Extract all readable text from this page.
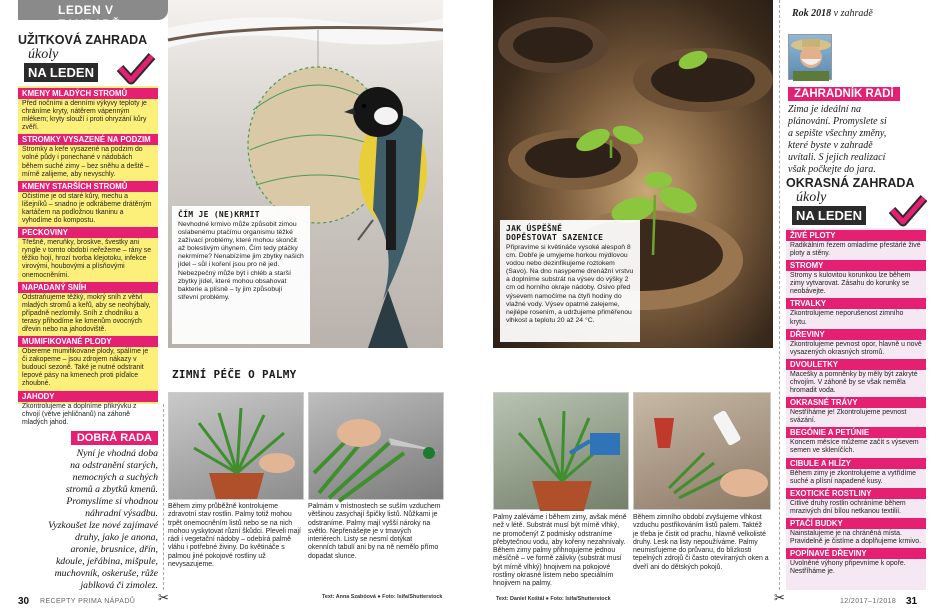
LEDEN V ZAHRADĚ
UŽITKOVÁ ZAHRADA
úkoly
NA LEDEN
KMENY MLADÝCH STROMŮ
Před nočními a denními výkyvy teploty je chráníme kryty, nátěrem vápenným mlékem; kryty slouží i proti ohryzání kůry zvěří.
STROMKY VYSAZENÉ NA PODZIM
Stromky a keře vysazené na podzim do volné půdy i ponechané v nádobách během suché zimy – bez sněhu a deště – mírně zalijeme, aby nevyschly.
KMENY STARŠÍCH STROMŮ
Očistíme je od staré kůry, mechu a lišejníků – snadno je odkrábeme drátěným kartáčem na podložnou tkaninu a vyhodíme do kompostu.
PECKOVINY
Třešně, meruňky, broskve, švestky ani ryngle v tomto období neřežeme – rány se těžko hojí, hrozí tvorba klejotoku, infekce virovými, houbovými a plísňovými onemocněními.
NAPADANÝ SNÍH
Odstraňujeme těžký, mokrý sníh z větví mladých stromů a keřů, aby se neohýbaly, případně nezlomily. Sníh z chodníku a terasy přihodíme ke kmenům ovocných dřevin nebo na jahodoviště.
MUMIFIKOVANÉ PLODY
Obereme mumifikované plody, spálíme je či zakopeme – jsou zdrojem nákazy v budoucí sezoně. Také je nutné odstranit lepové pásy na kmenech proti píďalce zhoubné.
JAHODY
Zkontrolujeme a doplníme přikrývku z chvojí (větve jehličnanů) na záhoně mladých jahod.
DOBRÁ RADA
Nyní je vhodná doba
na odstranění starých,
nemocných a suchých
stromů a zbytků kmenů.
Promyslíme si vhodnou
náhradní výsadbu.
Vyzkoušet lze nové zajímavé
druhy, jako je anona,
aronie, brusnice, dřín,
kdoule, jeřábina, mišpule,
muchovník, oskeruše, růže
jablková či zimolez.
ČÍM JE (NE)KRMIT
Nevhodné krmivo může způsobit zimou oslabenému ptačímu organismu těžké zažívací problémy, které mohou skončit až bolestivým úhynem. Čím tedy ptáčky nekrmíme? Nenabízíme jim zbytky našich jídel – sůl i koření jsou pro ně jed. Nebezpečný může být i chléb a starší zbytky jídel, které mohou obsahovat bakterie a plísně – ty jim způsobují střevní problémy.
ZIMNÍ PÉČE O PALMY
Během zimy průběžně kontrolujeme zdravotní stav rostlin. Palmy totiž mohou trpět onemocněním listů nebo se na nich mohou vyskytovat různí škůdci. Pleveli mají rádi i vegetační nádoby – odebírá palmě vláhu i potřebné živiny. Do květináče s palmou jiné pokojové rostliny už nevysazujeme.
Palmám v místnostech se suším vzduchem většinou zasychají špičky listů. Nůžkami je odstraníme. Palmy mají vyšší nároky na světlo. Nepřenášejte je v tmavých interiérech. Listy se nesmí dotýkat okenních tabulí ani by na ně nemělo přímo dopadat slunce.
Text: Anna Szabóová ● Foto: Isifa/Shutterstock
30 RECEPTY PRIMA NÁPADŮ ✂
JAK ÚSPĚŠNĚ
DOPĚSTOVAT SAZENICE
Připravíme si květináče vysoké alespoň 8 cm. Dobře je umyjeme horkou mýdlovou vodou nebo dezinfikujeme roztokem (Savo). Na dno nasypeme drenážní vrstvu a doplníme substrát na výsev do výšky 2 cm od horního okraje nádoby. Osivo před výsevem namočíme na čtyři hodiny do vlažné vody. Výsev opatrně zalejeme, nejlépe rosením, a udržujeme přiměřenou vlhkost a teplotu 20 až 24 °C.
Rok 2018 v zahradě
ZAHRADNÍK RADÍ
Zima je ideální na
plánování. Promyslete si
a sepište všechny změny,
které byste v zahradě
uvítali. S jejich realizací
však počkejte do jara.
OKRASNÁ ZAHRADA
úkoly
NA LEDEN
ŽIVÉ PLOTY
Radikálním řezem omladíme přestárlé živé ploty a stěny.
STROMY
Stromy s kulovitou korunkou lze během zimy vytvarovat. Zásahu do korunky se neobávejte.
TRVALKY
Zkontrolujeme neporušenost zimního krytu.
DŘEVINY
Zkontrolujeme pevnost opor, hlavně u nově vysazených okrasných stromů.
DVOULETKY
Macešky a pomněnky by měly být zakryté chvojím. V záhoně by se však neměla hromadit voda.
OKRASNÉ TRÁVY
Nestříháme je! Zkontrolujeme pevnost svázání.
BEGÓNIE A PETÚNIE
Koncem měsíce můžeme začít s výsevem semen ve skleníčích.
CIBULE A HLÍZY
Během zimy je zkontrolujeme a vytřídíme suché a plísní napadené kusy.
EXOTICKÉ ROSTLINY
Citlivé druhy rostlin ochráníme během mrazivých dní bílou netkanou textilií.
PTAČÍ BUDKY
Nainstalujeme je na chráněná místa. Pravidelně je čistíme a doplňujeme krmivo.
POPÍNAVÉ DŘEVINY
Uvolněné výhony připevníme k opoře. Nestříháme je.
Palmy zaléváme i během zimy, avšak méně než v létě. Substrát musí být mírně vlhký, ne promočený! Z podmisky odstraníme přebytečnou vodu, aby kořeny nezahnívaly. Během zimy palmy přihnojujeme jednou měsíčně – ve formě zálivky (substrát musí být mírně vlhký) hnojivem na pokojové rostliny okrasné listem nebo speciálním hnojivem na palmy.
Během zimního období zvyšujeme vlhkost vzduchu postřikováním listů palem. Taktéž je třeba je čistit od prachu, hlavně velkolisté druhy. Lesk na listy nepoužíváme. Palmy neumisťujeme do průvanu, do blízkosti tepelných zdrojů či často otevíraných oken a dveří ani do dětských pokojů.
Text: Daniel Koštál ● Foto: Isifa/Shutterstock	✂	12/2017–1/2018 31
